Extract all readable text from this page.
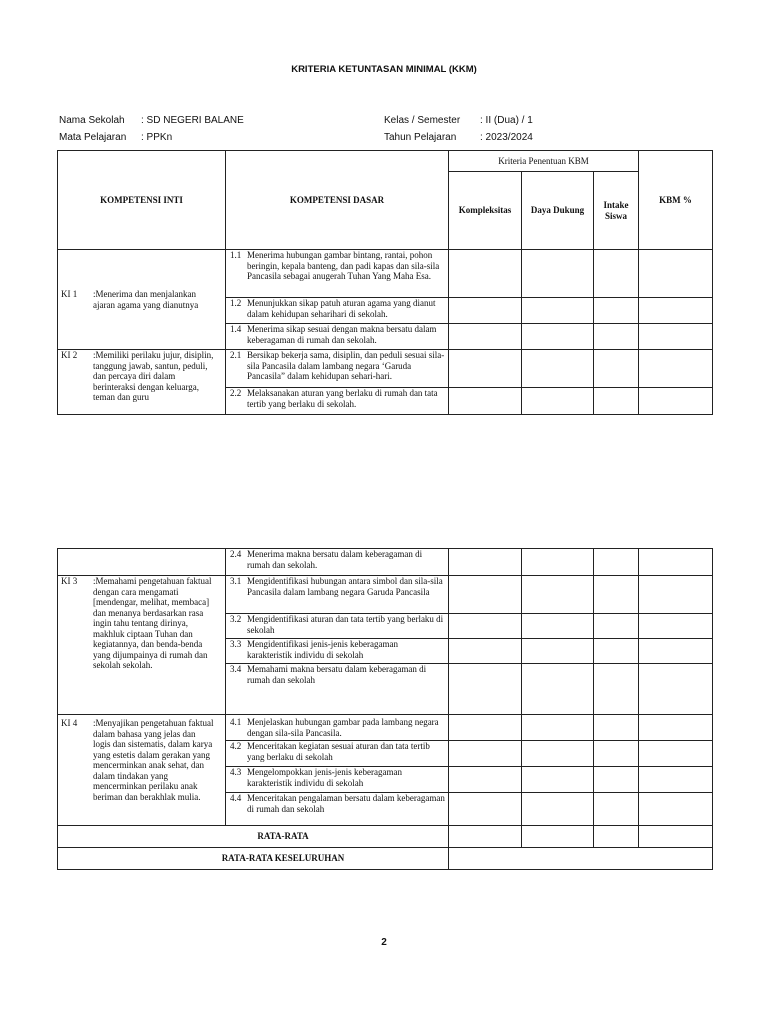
KRITERIA KETUNTASAN MINIMAL (KKM)
Nama Sekolah : SD NEGERI BALANE
Mata Pelajaran : PPKn
Kelas / Semester : II (Dua) / 1
Tahun Pelajaran : 2023/2024
KOMPETENSI INTI	KOMPETENSI DASAR	Kriteria Penentuan KBM			KBM %
		Kompleksitas	Daya Dukung	Intake Siswa	
KI 1 :Menerima dan menjalankan ajaran agama yang dianutnya	1.1 Menerima hubungan gambar bintang, rantai, pohon beringin, kepala banteng, dan padi kapas dan sila-sila Pancasila sebagai anugerah Tuhan Yang Maha Esa.				

	1.2 Menunjukkan sikap patuh aturan agama yang dianut dalam kehidupan seharihari di sekolah.				

	1.4 Menerima sikap sesuai dengan makna bersatu dalam keberagaman di rumah dan sekolah.				

KI 2 :Memiliki perilaku jujur, disiplin, tanggung jawab, santun, peduli, dan percaya diri dalam berinteraksi dengan keluarga, teman dan guru	2.1 Bersikap bekerja sama, disiplin, dan peduli sesuai sila-sila Pancasila dalam lambang negara ‘Garuda Pancasila” dalam kehidupan sehari-hari.				

	2.2 Melaksanakan aturan yang berlaku di rumah dan tata tertib yang berlaku di sekolah.				

	2.4 Menerima makna bersatu dalam keberagaman di rumah dan sekolah.				

KI 3 :Memahami pengetahuan faktual dengan cara mengamati [mendengar, melihat, membaca] dan menanya berdasarkan rasa ingin tahu tentang dirinya, makhluk ciptaan Tuhan dan kegiatannya, dan benda-benda yang dijumpainya di rumah dan sekolah sekolah.	3.1 Mengidentifikasi hubungan antara simbol dan sila-sila Pancasila dalam lambang negara Garuda Pancasila				

	3.2 Mengidentifikasi aturan dan tata tertib yang berlaku di sekolah				

	3.3 Mengidentifikasi jenis-jenis keberagaman karakteristik individu di sekolah				

	3.4 Memahami makna bersatu dalam keberagaman di rumah dan sekolah				

KI 4 :Menyajikan pengetahuan faktual dalam bahasa yang jelas dan logis dan sistematis, dalam karya yang estetis dalam gerakan yang mencerminkan anak sehat, dan dalam tindakan yang mencerminkan perilaku anak beriman dan berakhlak mulia.	4.1 Menjelaskan hubungan gambar pada lambang negara dengan sila-sila Pancasila.				

	4.2 Menceritakan kegiatan sesuai aturan dan tata tertib yang berlaku di sekolah				

	4.3 Mengelompokkan jenis-jenis keberagaman karakteristik individu di sekolah				

	4.4 Menceritakan pengalaman bersatu dalam keberagaman di rumah dan sekolah				

RATA-RATA					
RATA-RATA KESELURUHAN					
2
